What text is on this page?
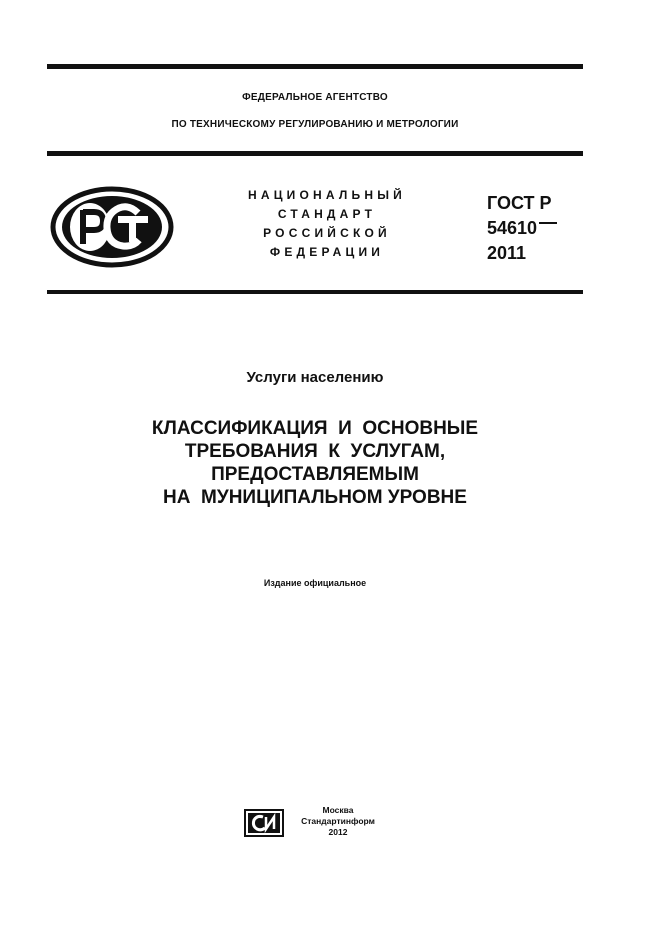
ФЕДЕРАЛЬНОЕ АГЕНТСТВО
ПО ТЕХНИЧЕСКОМУ РЕГУЛИРОВАНИЮ И МЕТРОЛОГИИ
НАЦИОНАЛЬНЫЙ
СТАНДАРТ
РОССИЙСКОЙ
ФЕДЕРАЦИИ
ГОСТ Р
54610
2011
Услуги населению
КЛАССИФИКАЦИЯ  И  ОСНОВНЫЕ
ТРЕБОВАНИЯ  К  УСЛУГАМ,
ПРЕДОСТАВЛЯЕМЫМ
НА  МУНИЦИПАЛЬНОМ УРОВНЕ
Издание официальное
Москва
Стандартинформ
2012
